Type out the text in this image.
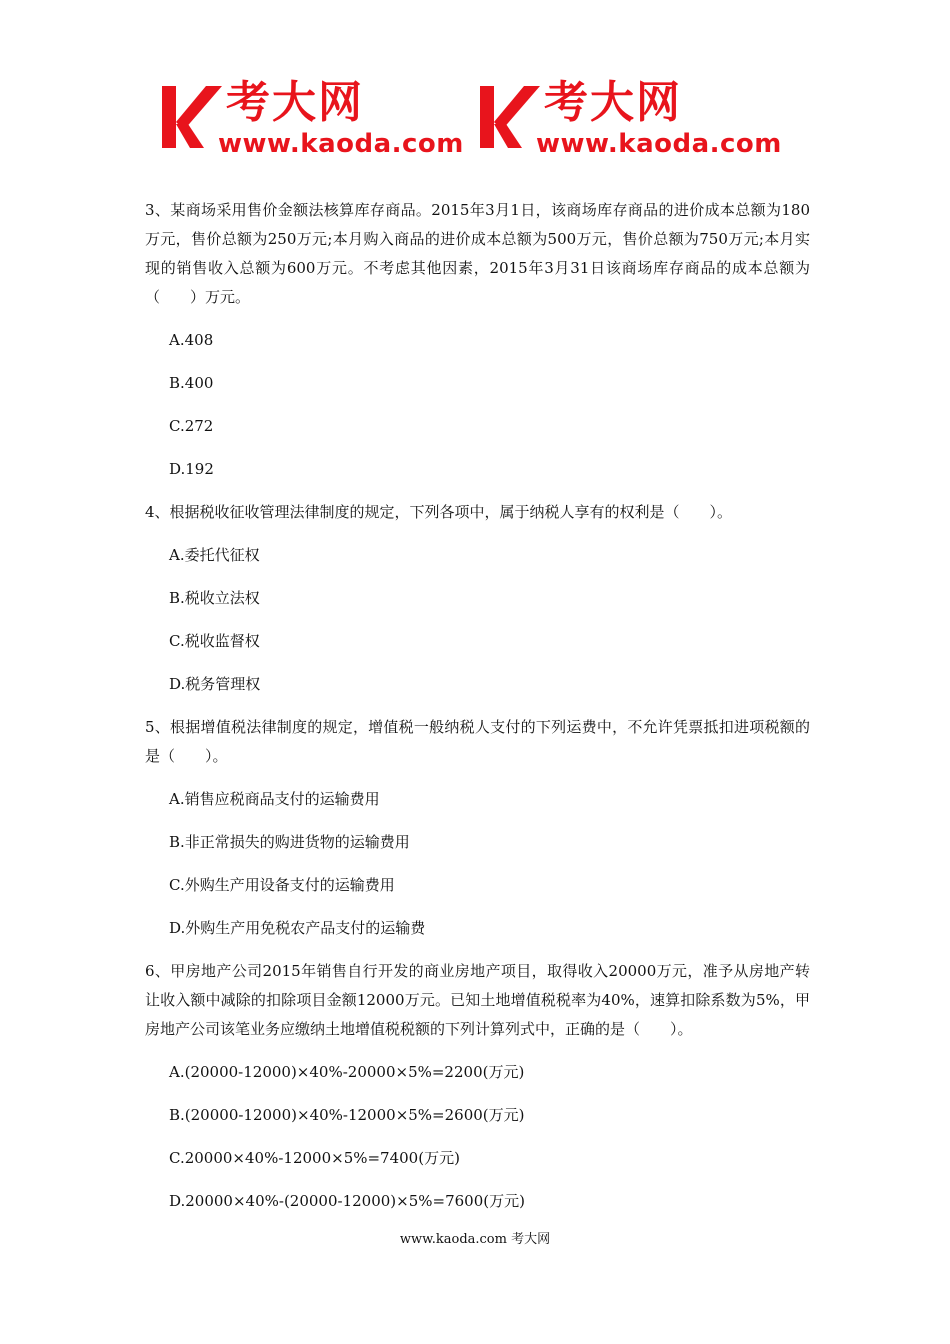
考大网
www.kaoda.com
考大网
www.kaoda.com

3、某商场采用售价金额法核算库存商品。2015年3月1日，该商场库存商品的进价成本总额为180万元，售价总额为250万元;本月购入商品的进价成本总额为500万元，售价总额为750万元;本月实现的销售收入总额为600万元。不考虑其他因素，2015年3月31日该商场库存商品的成本总额为（　　）万元。

A.408
B.400
C.272
D.192

4、根据税收征收管理法律制度的规定，下列各项中，属于纳税人享有的权利是（　　）。

A.委托代征权
B.税收立法权
C.税收监督权
D.税务管理权

5、根据增值税法律制度的规定，增值税一般纳税人支付的下列运费中，不允许凭票抵扣进项税额的是（　　）。

A.销售应税商品支付的运输费用
B.非正常损失的购进货物的运输费用
C.外购生产用设备支付的运输费用
D.外购生产用免税农产品支付的运输费

6、甲房地产公司2015年销售自行开发的商业房地产项目，取得收入20000万元，准予从房地产转让收入额中减除的扣除项目金额12000万元。已知土地增值税税率为40%，速算扣除系数为5%，甲房地产公司该笔业务应缴纳土地增值税税额的下列计算列式中，正确的是（　　）。

A.(20000-12000)×40%-20000×5%=2200(万元)
B.(20000-12000)×40%-12000×5%=2600(万元)
C.20000×40%-12000×5%=7400(万元)
D.20000×40%-(20000-12000)×5%=7600(万元)
www.kaoda.com 考大网
